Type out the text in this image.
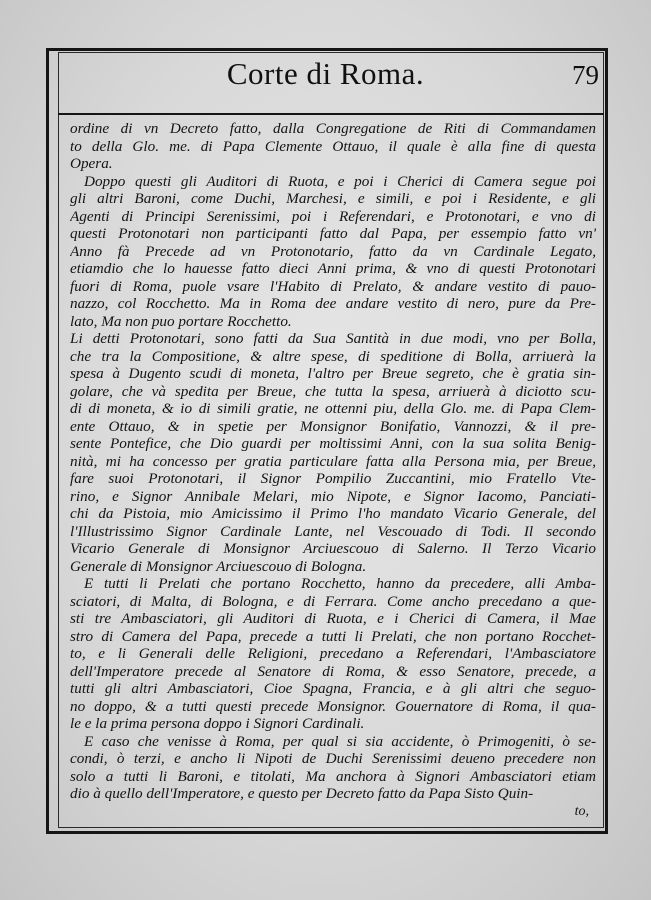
Corte di Roma.	79
ordine di vn Decreto fatto, dalla Congregatione de Riti di Commandamen
to della Glo. me. di Papa Clemente Ottauo, il quale è alla fine di questa
Opera.
Doppo questi gli Auditori di Ruota, e poi i Cherici di Camera segue poi
gli altri Baroni, come Duchi, Marchesi, e simili, e poi i Residente, e gli
Agenti di Principi Serenissimi, poi i Referendari, e Protonotari, e vno di
questi Protonotari non participanti fatto dal Papa, per essempio fatto vn'
Anno fà Precede ad vn Protonotario, fatto da vn Cardinale Legato,
etiamdio che lo hauesse fatto dieci Anni prima, & vno di questi Protonotari
fuori di Roma, puole vsare l'Habito di Prelato, & andare vestito di pauo-
nazzo, col Rocchetto. Ma in Roma dee andare vestito di nero, pure da Pre-
lato, Ma non puo portare Rocchetto.
Li detti Protonotari, sono fatti da Sua Santità in due modi, vno per Bolla,
che tra la Compositione, & altre spese, di speditione di Bolla, arriuerà la
spesa à Dugento scudi di moneta, l'altro per Breue segreto, che è gratia sin-
golare, che và spedita per Breue, che tutta la spesa, arriuerà à diciotto scu-
di di moneta, & io di simili gratie, ne ottenni piu, della Glo. me. di Papa Clem-
ente Ottauo, & in spetie per Monsignor Bonifatio, Vannozzi, & il pre-
sente Pontefice, che Dio guardi per moltissimi Anni, con la sua solita Benig-
nità, mi ha concesso per gratia particulare fatta alla Persona mia, per Breue,
fare suoi Protonotari, il Signor Pompilio Zuccantini, mio Fratello Vte-
rino, e Signor Annibale Melari, mio Nipote, e Signor Iacomo, Panciati-
chi da Pistoia, mio Amicissimo il Primo l'ho mandato Vicario Generale, del
l'Illustrissimo Signor Cardinale Lante, nel Vescouado di Todi. Il secondo
Vicario Generale di Monsignor Arciuescouo di Salerno. Il Terzo Vicario
Generale di Monsignor Arciuescouo di Bologna.
E tutti li Prelati che portano Rocchetto, hanno da precedere, alli Amba-
sciatori, di Malta, di Bologna, e di Ferrara. Come ancho precedano a que-
sti tre Ambasciatori, gli Auditori di Ruota, e i Cherici di Camera, il Mae
stro di Camera del Papa, precede a tutti li Prelati, che non portano Rocchet-
to, e li Generali delle Religioni, precedano a Referendari, l'Ambasciatore
dell'Imperatore precede al Senatore di Roma, & esso Senatore, precede, a
tutti gli altri Ambasciatori, Cioe Spagna, Francia, e à gli altri che seguo-
no doppo, & a tutti questi precede Monsignor. Gouernatore di Roma, il qua-
le e la prima persona doppo i Signori Cardinali.
E caso che venisse à Roma, per qual si sia accidente, ò Primogeniti, ò se-
condi, ò terzi, e ancho li Nipoti de Duchi Serenissimi deueno precedere non
solo a tutti li Baroni, e titolati, Ma anchora à Signori Ambasciatori etiam
dio à quello dell'Imperatore, e questo per Decreto fatto da Papa Sisto Quin-
to,
